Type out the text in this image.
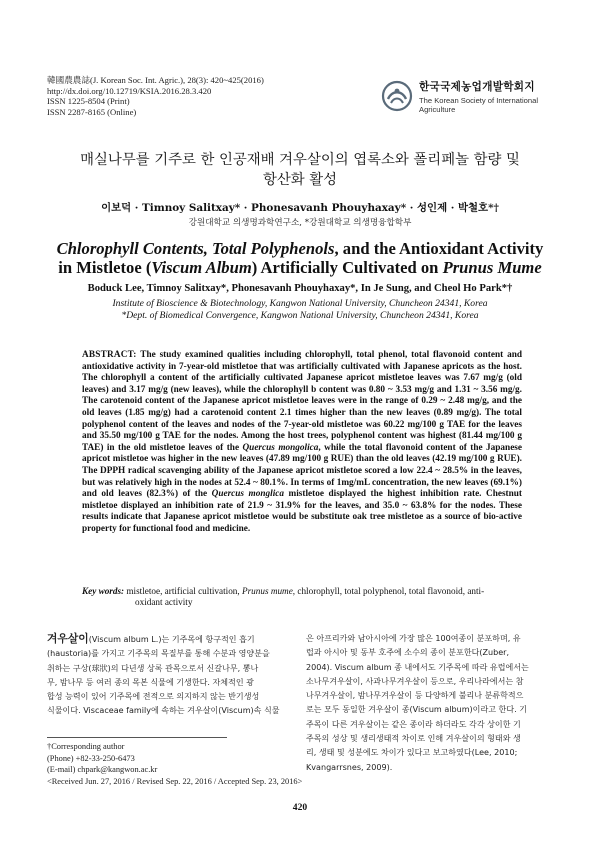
韓國農農誌(J. Korean Soc. Int. Agric.), 28(3): 420~425(2016)
http://dx.doi.org/10.12719/KSIA.2016.28.3.420
ISSN 1225-8504 (Print)
ISSN 2287-8165 (Online)
한국국제농업개발학회지
The Korean Society of International
Agriculture
매실나무를 기주로 한 인공재배 겨우살이의 엽록소와 폴리페놀 함량 및
항산화 활성
이보덕 · Timnoy Salitxay* · Phonesavanh Phouyhaxay* · 성인제 · 박철호*†
강원대학교 의생명과학연구소, *강원대학교 의생명융합학부
Chlorophyll Contents, Total Polyphenols, and the Antioxidant Activity
in Mistletoe (Viscum Album) Artificially Cultivated on Prunus Mume
Boduck Lee, Timnoy Salitxay*, Phonesavanh Phouyhaxay*, In Je Sung, and Cheol Ho Park*†
Institute of Bioscience & Biotechnology, Kangwon National University, Chuncheon 24341, Korea
*Dept. of Biomedical Convergence, Kangwon National University, Chuncheon 24341, Korea
ABSTRACT: The study examined qualities including chlorophyll, total phenol, total flavonoid content and antioxidative activity in 7-year-old mistletoe that was artificially cultivated with Japanese apricots as the host. The chlorophyll a content of the artificially cultivated Japanese apricot mistletoe leaves was 7.67 mg/g (old leaves) and 3.17 mg/g (new leaves), while the chlorophyll b content was 0.80 ~ 3.53 mg/g and 1.31 ~ 3.56 mg/g. The carotenoid content of the Japanese apricot mistletoe leaves were in the range of 0.29 ~ 2.48 mg/g, and the old leaves (1.85 mg/g) had a carotenoid content 2.1 times higher than the new leaves (0.89 mg/g). The total polyphenol content of the leaves and nodes of the 7-year-old mistletoe was 60.22 mg/100 g TAE for the leaves and 35.50 mg/100 g TAE for the nodes. Among the host trees, polyphenol content was highest (81.44 mg/100 g TAE) in the old mistletoe leaves of the Quercus mongolica, while the total flavonoid content of the Japanese apricot mistletoe was higher in the new leaves (47.89 mg/100 g RUE) than the old leaves (42.19 mg/100 g RUE). The DPPH radical scavenging ability of the Japanese apricot mistletoe scored a low 22.4 ~ 28.5% in the leaves, but was relatively high in the nodes at 52.4 ~ 80.1%. In terms of 1mg/mL concentration, the new leaves (69.1%) and old leaves (82.3%) of the Quercus monglica mistletoe displayed the highest inhibition rate. Chestnut mistletoe displayed an inhibition rate of 21.9 ~ 31.9% for the leaves, and 35.0 ~ 63.8% for the nodes. These results indicate that Japanese apricot mistletoe would be substitute oak tree mistletoe as a source of bio-active property for functional food and medicine.
Key words: mistletoe, artificial cultivation, Prunus mume, chlorophyll, total polyphenol, total flavonoid, anti-
oxidant activity
겨우살이(Viscum album L.)는 기주목에 항구적인 흡기
(haustoria)를 가지고 기주목의 목질부를 통해 수분과 영양분을
취하는 구상(球狀)의 다년생 상록 관목으로서 신갈나무, 뽕나
무, 밤나무 등 여러 종의 목본 식물에 기생한다. 자체적인 광
합성 능력이 있어 기주목에 전적으로 의지하지 않는 반기생성
식물이다. Viscaceae family에 속하는 겨우살이(Viscum)속 식물
은 아프리카와 남아시아에 가장 많은 100여종이 분포하며, 유
럽과 아시아 및 동부 호주에 소수의 종이 분포한다(Zuber,
2004). Viscum album 종 내에서도 기주목에 따라 유럽에서는
소나무겨우살이, 사과나무겨우살이 등으로, 우리나라에서는 참
나무겨우살이, 밤나무겨우살이 등 다양하게 불리나 분류학적으
로는 모두 동일한 겨우살이 종(Viscum album)이라고 한다. 기
주목이 다른 겨우살이는 같은 종이라 하더라도 각각 상이한 기
주목의 성상 및 생리생태적 차이로 인해 겨우살이의 형태와 생
리, 생태 및 성분에도 차이가 있다고 보고하였다(Lee, 2010;
Kvangarrsnes, 2009).
†Corresponding author
(Phone) +82-33-250-6473
(E-mail) chpark@kangwon.ac.kr
<Received Jun. 27, 2016 / Revised Sep. 22, 2016 / Accepted Sep. 23, 2016>
420
